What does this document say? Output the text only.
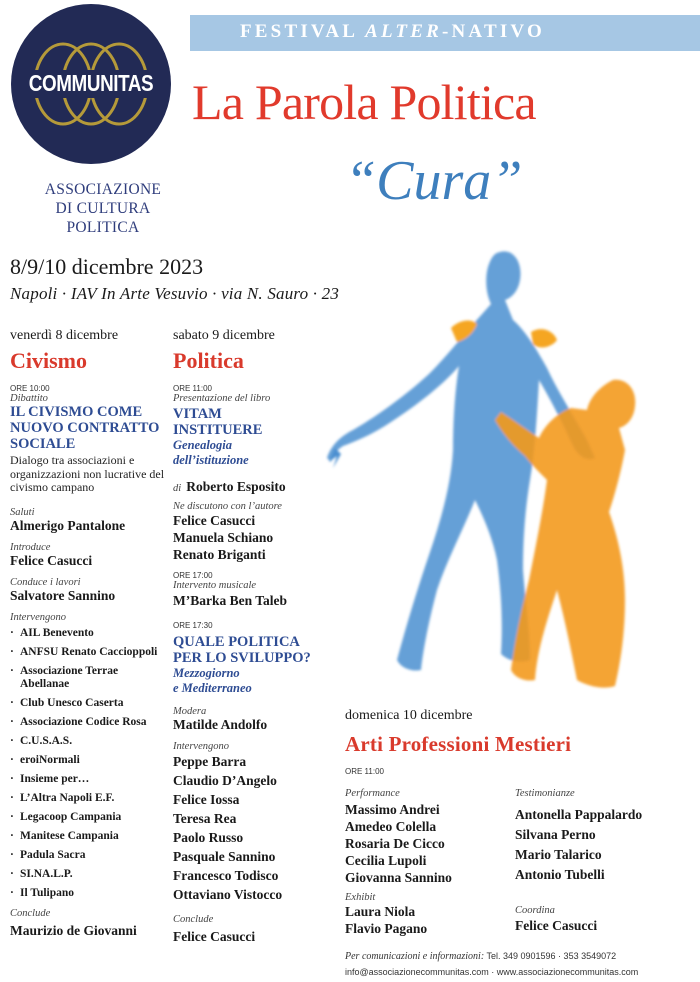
COMMUNITAS
ASSOCIAZIONE
DI CULTURA POLITICA
FESTIVAL ALTER-NATIVO
La Parola Politica
“Cura”
8/9/10 dicembre 2023
Napoli · IAV In Arte Vesuvio · via N. Sauro · 23
venerdì 8 dicembre
Civismo
ORE 10:00
Dibattito
IL CIVISMO COME
NUOVO CONTRATTO
SOCIALE
Dialogo tra associazioni e
organizzazioni non lucrative del
civismo campano
Saluti
Almerigo Pantalone
Introduce
Felice Casucci
Conduce i lavori
Salvatore Sannino
Intervengono
· AIL Benevento
· ANFSU Renato Caccioppoli
· Associazione Terrae Abellanae
· Club Unesco Caserta
· Associazione Codice Rosa
· C.U.S.A.S.
· eroiNormali
· Insieme per…
· L’Altra Napoli E.F.
· Legacoop Campania
· Manitese Campania
· Padula Sacra
· SI.NA.L.P.
· Il Tulipano
Conclude
Maurizio de Giovanni
sabato 9 dicembre
Politica
ORE 11:00
Presentazione del libro
VITAM
INSTITUERE
Genealogia
dell’istituzione
di Roberto Esposito
Ne discutono con l’autore
Felice Casucci
Manuela Schiano
Renato Briganti
ORE 17:00
Intervento musicale
M’Barka Ben Taleb
ORE 17:30
QUALE POLITICA
PER LO SVILUPPO?
Mezzogiorno
e Mediterraneo
Modera
Matilde Andolfo
Intervengono
Peppe Barra
Claudio D’Angelo
Felice Iossa
Teresa Rea
Paolo Russo
Pasquale Sannino
Francesco Todisco
Ottaviano Vistocco
Conclude
Felice Casucci
domenica 10 dicembre
Arti Professioni Mestieri
ORE 11:00
Performance
Massimo Andrei
Amedeo Colella
Rosaria De Cicco
Cecilia Lupoli
Giovanna Sannino
Exhibit
Laura Niola
Flavio Pagano
Testimonianze
Antonella Pappalardo
Silvana Perno
Mario Talarico
Antonio Tubelli
Coordina
Felice Casucci
Per comunicazioni e informazioni: Tel. 349 0901596 · 353 3549072
info@associazionecommunitas.com · www.associazionecommunitas.com
